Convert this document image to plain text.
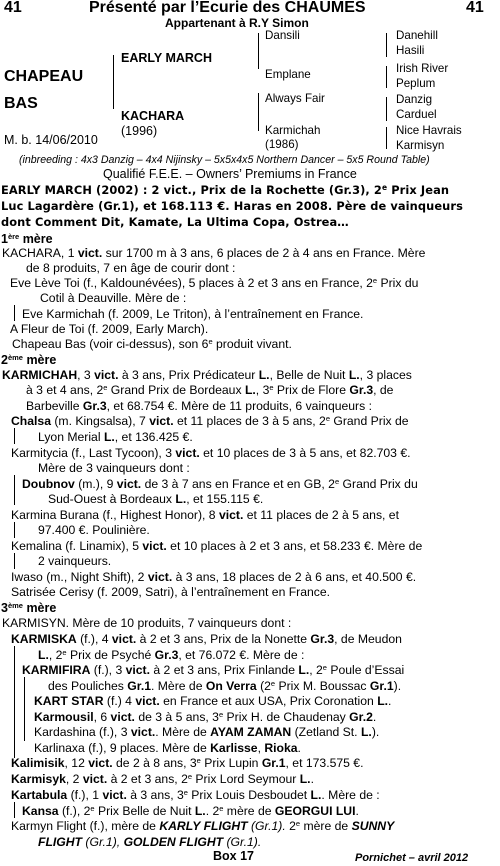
41	Présenté par l’Ecurie des CHAUMES	41
Appartenant à R.Y Simon
CHAPEAU
BAS
M. b. 14/06/2010
EARLY MARCH
KACHARA
(1996)
Dansili
Emplane
Always Fair
Karmichah
(1986)
Danehill
Hasili
Irish River
Peplum
Danzig
Carduel
Nice Havrais
Karmisyn
(inbreeding : 4x3 Danzig – 4x4 Nijinsky – 5x5x4x5 Northern Dancer – 5x5 Round Table)
Qualifié F.E.E. – Owners’ Premiums in France
EARLY MARCH (2002) : 2 vict., Prix de la Rochette (Gr.3), 2e Prix Jean
Luc Lagardère (Gr.1), et 168.113 €. Haras en 2008. Père de vainqueurs
dont Comment Dit, Kamate, La Ultima Copa, Ostrea…
1ère mère
KACHARA, 1 vict. sur 1700 m à 3 ans, 6 places de 2 à 4 ans en France. Mère
de 8 produits, 7 en âge de courir dont :
Eve Lève Toi (f., Kaldounévées), 5 places à 2 et 3 ans en France, 2e Prix du
Cotil à Deauville. Mère de :
Eve Karmichah (f. 2009, Le Triton), à l’entraînement en France.
A Fleur de Toi (f. 2009, Early March).
Chapeau Bas (voir ci-dessus), son 6e produit vivant.
2ème mère
KARMICHAH, 3 vict. à 3 ans, Prix Prédicateur L., Belle de Nuit L., 3 places
à 3 et 4 ans, 2e Grand Prix de Bordeaux L., 3e Prix de Flore Gr.3, de
Barbeville Gr.3, et 68.754 €. Mère de 11 produits, 6 vainqueurs :
Chalsa (m. Kingsalsa), 7 vict. et 11 places de 3 à 5 ans, 2e Grand Prix de
Lyon Merial L., et 136.425 €.
Karmitycia (f., Last Tycoon), 3 vict. et 10 places de 3 à 5 ans, et 82.703 €.
Mère de 3 vainqueurs dont :
Doubnov (m.), 9 vict. de 3 à 7 ans en France et en GB, 2e Grand Prix du
Sud-Ouest à Bordeaux L., et 155.115 €.
Karmina Burana (f., Highest Honor), 8 vict. et 11 places de 2 à 5 ans, et
97.400 €. Poulinière.
Kemalina (f. Linamix), 5 vict. et 10 places à 2 et 3 ans, et 58.233 €. Mère de
2 vainqueurs.
Iwaso (m., Night Shift), 2 vict. à 3 ans, 18 places de 2 à 6 ans, et 40.500 €.
Satrisée Cerisy (f. 2009, Satri), à l’entraînement en France.
3ème mère
KARMISYN. Mère de 10 produits, 7 vainqueurs dont :
KARMISKA (f.), 4 vict. à 2 et 3 ans, Prix de la Nonette Gr.3, de Meudon
L., 2e Prix de Psyché Gr.3, et 76.072 €. Mère de :
KARMIFIRA (f.), 3 vict. à 2 et 3 ans, Prix Finlande L., 2e Poule d’Essai
des Pouliches Gr.1. Mère de On Verra (2e Prix M. Boussac Gr.1).
KART STAR (f.) 4 vict. en France et aux USA, Prix Coronation L..
Karmousil, 6 vict. de 3 à 5 ans, 3e Prix H. de Chaudenay Gr.2.
Kardashina (f.), 3 vict.. Mère de AYAM ZAMAN (Zetland St. L.).
Karlinaxa (f.), 9 places. Mère de Karlisse, Rioka.
Kalimisik, 12 vict. de 2 à 8 ans, 3e Prix Lupin Gr.1, et 173.575 €.
Karmisyk, 2 vict. à 2 et 3 ans, 2e Prix Lord Seymour L..
Kartabula (f.), 1 vict. à 3 ans, 3e Prix Louis Desboudet L.. Mère de :
Kansa (f.), 2e Prix Belle de Nuit L.. 2e mère de GEORGUI LUI.
Karmyn Flight (f.), mère de KARLY FLIGHT (Gr.1). 2e mère de SUNNY
FLIGHT (Gr.1), GOLDEN FLIGHT (Gr.1).
Box 17	Pornichet – avril 2012
